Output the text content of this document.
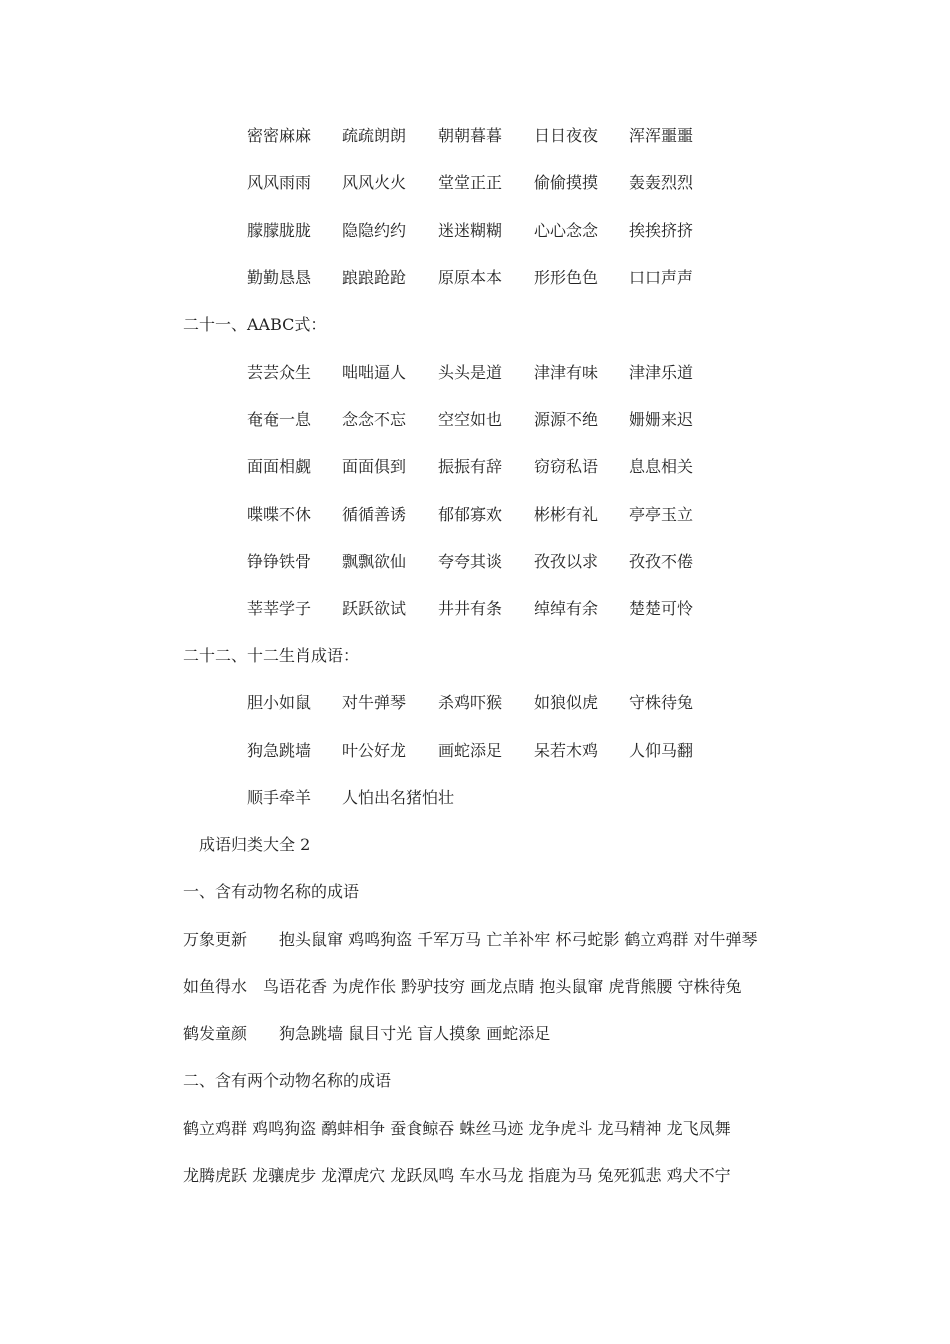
密密麻麻 疏疏朗朗 朝朝暮暮 日日夜夜 浑浑噩噩
风风雨雨 风风火火 堂堂正正 偷偷摸摸 轰轰烈烈
朦朦胧胧 隐隐约约 迷迷糊糊 心心念念 挨挨挤挤
勤勤恳恳 踉踉跄跄 原原本本 形形色色 口口声声
二十一、AABC式：
芸芸众生 咄咄逼人 头头是道 津津有味 津津乐道
奄奄一息 念念不忘 空空如也 源源不绝 姗姗来迟
面面相觑 面面俱到 振振有辞 窃窃私语 息息相关
喋喋不休 循循善诱 郁郁寡欢 彬彬有礼 亭亭玉立
铮铮铁骨 飘飘欲仙 夸夸其谈 孜孜以求 孜孜不倦
莘莘学子 跃跃欲试 井井有条 绰绰有余 楚楚可怜
二十二、十二生肖成语：
胆小如鼠 对牛弹琴 杀鸡吓猴 如狼似虎 守株待兔
狗急跳墙 叶公好龙 画蛇添足 呆若木鸡 人仰马翻
顺手牵羊 人怕出名猪怕壮
成语归类大全 2
一、含有动物名称的成语
万象更新 抱头鼠窜 鸡鸣狗盗 千军万马 亡羊补牢 杯弓蛇影 鹤立鸡群 对牛弹琴
如鱼得水 鸟语花香 为虎作伥 黔驴技穷 画龙点睛 抱头鼠窜 虎背熊腰 守株待兔
鹤发童颜 狗急跳墙 鼠目寸光 盲人摸象 画蛇添足
二、含有两个动物名称的成语
鹤立鸡群 鸡鸣狗盗 鹬蚌相争 蚕食鲸吞 蛛丝马迹 龙争虎斗 龙马精神 龙飞凤舞
龙腾虎跃 龙骧虎步 龙潭虎穴 龙跃凤鸣 车水马龙 指鹿为马 兔死狐悲 鸡犬不宁
